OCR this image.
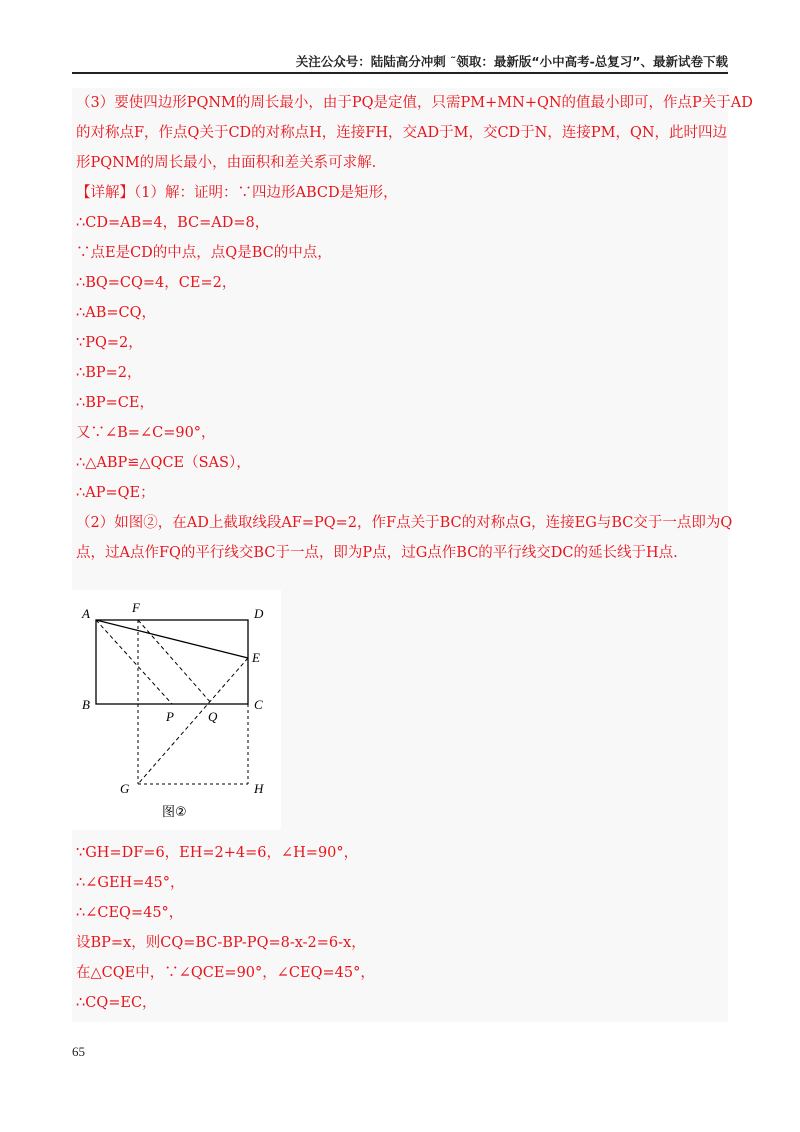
关注公众号：陆陆高分冲刺 ˜领取：最新版“小中高考-总复习”、最新试卷下载
（3）要使四边形PQNM的周长最小，由于PQ是定值，只需PM+MN+QN的值最小即可，作点P关于AD
的对称点F，作点Q关于CD的对称点H，连接FH，交AD于M，交CD于N，连接PM，QN，此时四边
形PQNM的周长最小，由面积和差关系可求解.
【详解】（1）解：证明：∵四边形ABCD是矩形，
∴CD=AB=4，BC=AD=8，
∵点E是CD的中点，点Q是BC的中点，
∴BQ=CQ=4，CE=2，
∴AB=CQ，
∵PQ=2，
∴BP=2，
∴BP=CE，
又∵∠B=∠C=90°，
∴△ABP≌△QCE（SAS），
∴AP=QE；
（2）如图②，在AD上截取线段AF=PQ=2，作F点关于BC的对称点G，连接EG与BC交于一点即为Q
点，过A点作FQ的平行线交BC于一点，即为P点，过G点作BC的平行线交DC的延长线于H点.
A	F	D
E
B
P	Q
C
G	H
图②
∵GH=DF=6，EH=2+4=6，∠H=90°，
∴∠GEH=45°，
∴∠CEQ=45°，
设BP=x，则CQ=BC-BP-PQ=8-x-2=6-x，
在△CQE中，∵∠QCE=90°，∠CEQ=45°，
∴CQ=EC，
65
